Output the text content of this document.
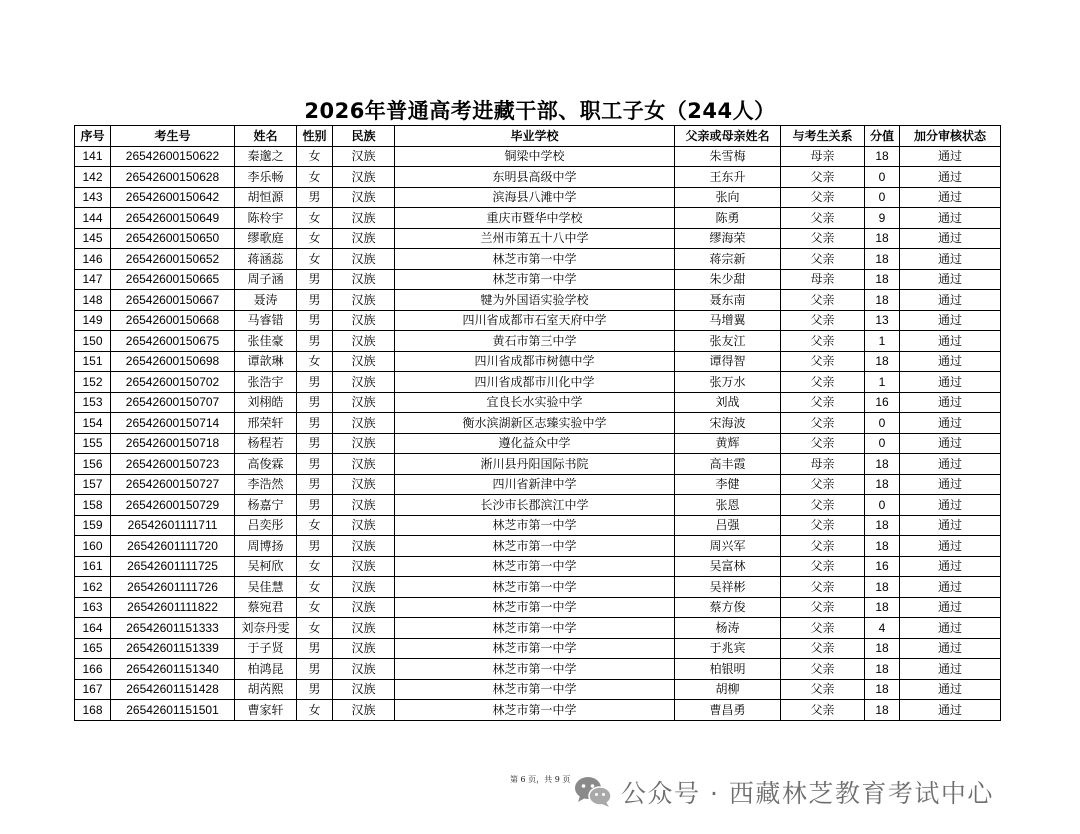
2026年普通高考进藏干部、职工子女（244人）
序号	考生号	姓名	性别	民族	毕业学校	父亲或母亲姓名	与考生关系	分值	加分审核状态
141	26542600150622	秦邈之	女	汉族	铜梁中学校	朱雪梅	母亲	18	通过
142	26542600150628	李乐畅	女	汉族	东明县高级中学	王东升	父亲	0	通过
143	26542600150642	胡恒源	男	汉族	滨海县八滩中学	张向	父亲	0	通过
144	26542600150649	陈柃宇	女	汉族	重庆市暨华中学校	陈勇	父亲	9	通过
145	26542600150650	缪歌庭	女	汉族	兰州市第五十八中学	缪海荣	父亲	18	通过
146	26542600150652	蒋涵蕊	女	汉族	林芝市第一中学	蒋宗新	父亲	18	通过
147	26542600150665	周子涵	男	汉族	林芝市第一中学	朱少甜	母亲	18	通过
148	26542600150667	聂涛	男	汉族	犍为外国语实验学校	聂东南	父亲	18	通过
149	26542600150668	马睿错	男	汉族	四川省成都市石室天府中学	马增翼	父亲	13	通过
150	26542600150675	张佳豪	男	汉族	黄石市第三中学	张友江	父亲	1	通过
151	26542600150698	谭歆琳	女	汉族	四川省成都市树德中学	谭得智	父亲	18	通过
152	26542600150702	张浩宇	男	汉族	四川省成都市川化中学	张万水	父亲	1	通过
153	26542600150707	刘栩皓	男	汉族	宜良长水实验中学	刘战	父亲	16	通过
154	26542600150714	邢荣轩	男	汉族	衡水滨湖新区志臻实验中学	宋海波	父亲	0	通过
155	26542600150718	杨程若	男	汉族	遵化益众中学	黄辉	父亲	0	通过
156	26542600150723	高俊霖	男	汉族	淅川县丹阳国际书院	高丰霞	母亲	18	通过
157	26542600150727	李浩然	男	汉族	四川省新津中学	李健	父亲	18	通过
158	26542600150729	杨嘉宁	男	汉族	长沙市长郡滨江中学	张恩	父亲	0	通过
159	26542601111711	吕奕彤	女	汉族	林芝市第一中学	吕强	父亲	18	通过
160	26542601111720	周博扬	男	汉族	林芝市第一中学	周兴军	父亲	18	通过
161	26542601111725	吴柯欣	女	汉族	林芝市第一中学	吴富林	父亲	16	通过
162	26542601111726	吴佳慧	女	汉族	林芝市第一中学	吴祥彬	父亲	18	通过
163	26542601111822	蔡宛君	女	汉族	林芝市第一中学	蔡方俊	父亲	18	通过
164	26542601151333	刘奈丹雯	女	汉族	林芝市第一中学	杨涛	父亲	4	通过
165	26542601151339	于子贤	男	汉族	林芝市第一中学	于兆宾	父亲	18	通过
166	26542601151340	柏鸿昆	男	汉族	林芝市第一中学	柏银明	父亲	18	通过
167	26542601151428	胡芮熙	男	汉族	林芝市第一中学	胡柳	父亲	18	通过
168	26542601151501	曹家轩	女	汉族	林芝市第一中学	曹昌勇	父亲	18	通过
第 6 页，共 9 页 公众号 · 西藏林芝教育考试中心
